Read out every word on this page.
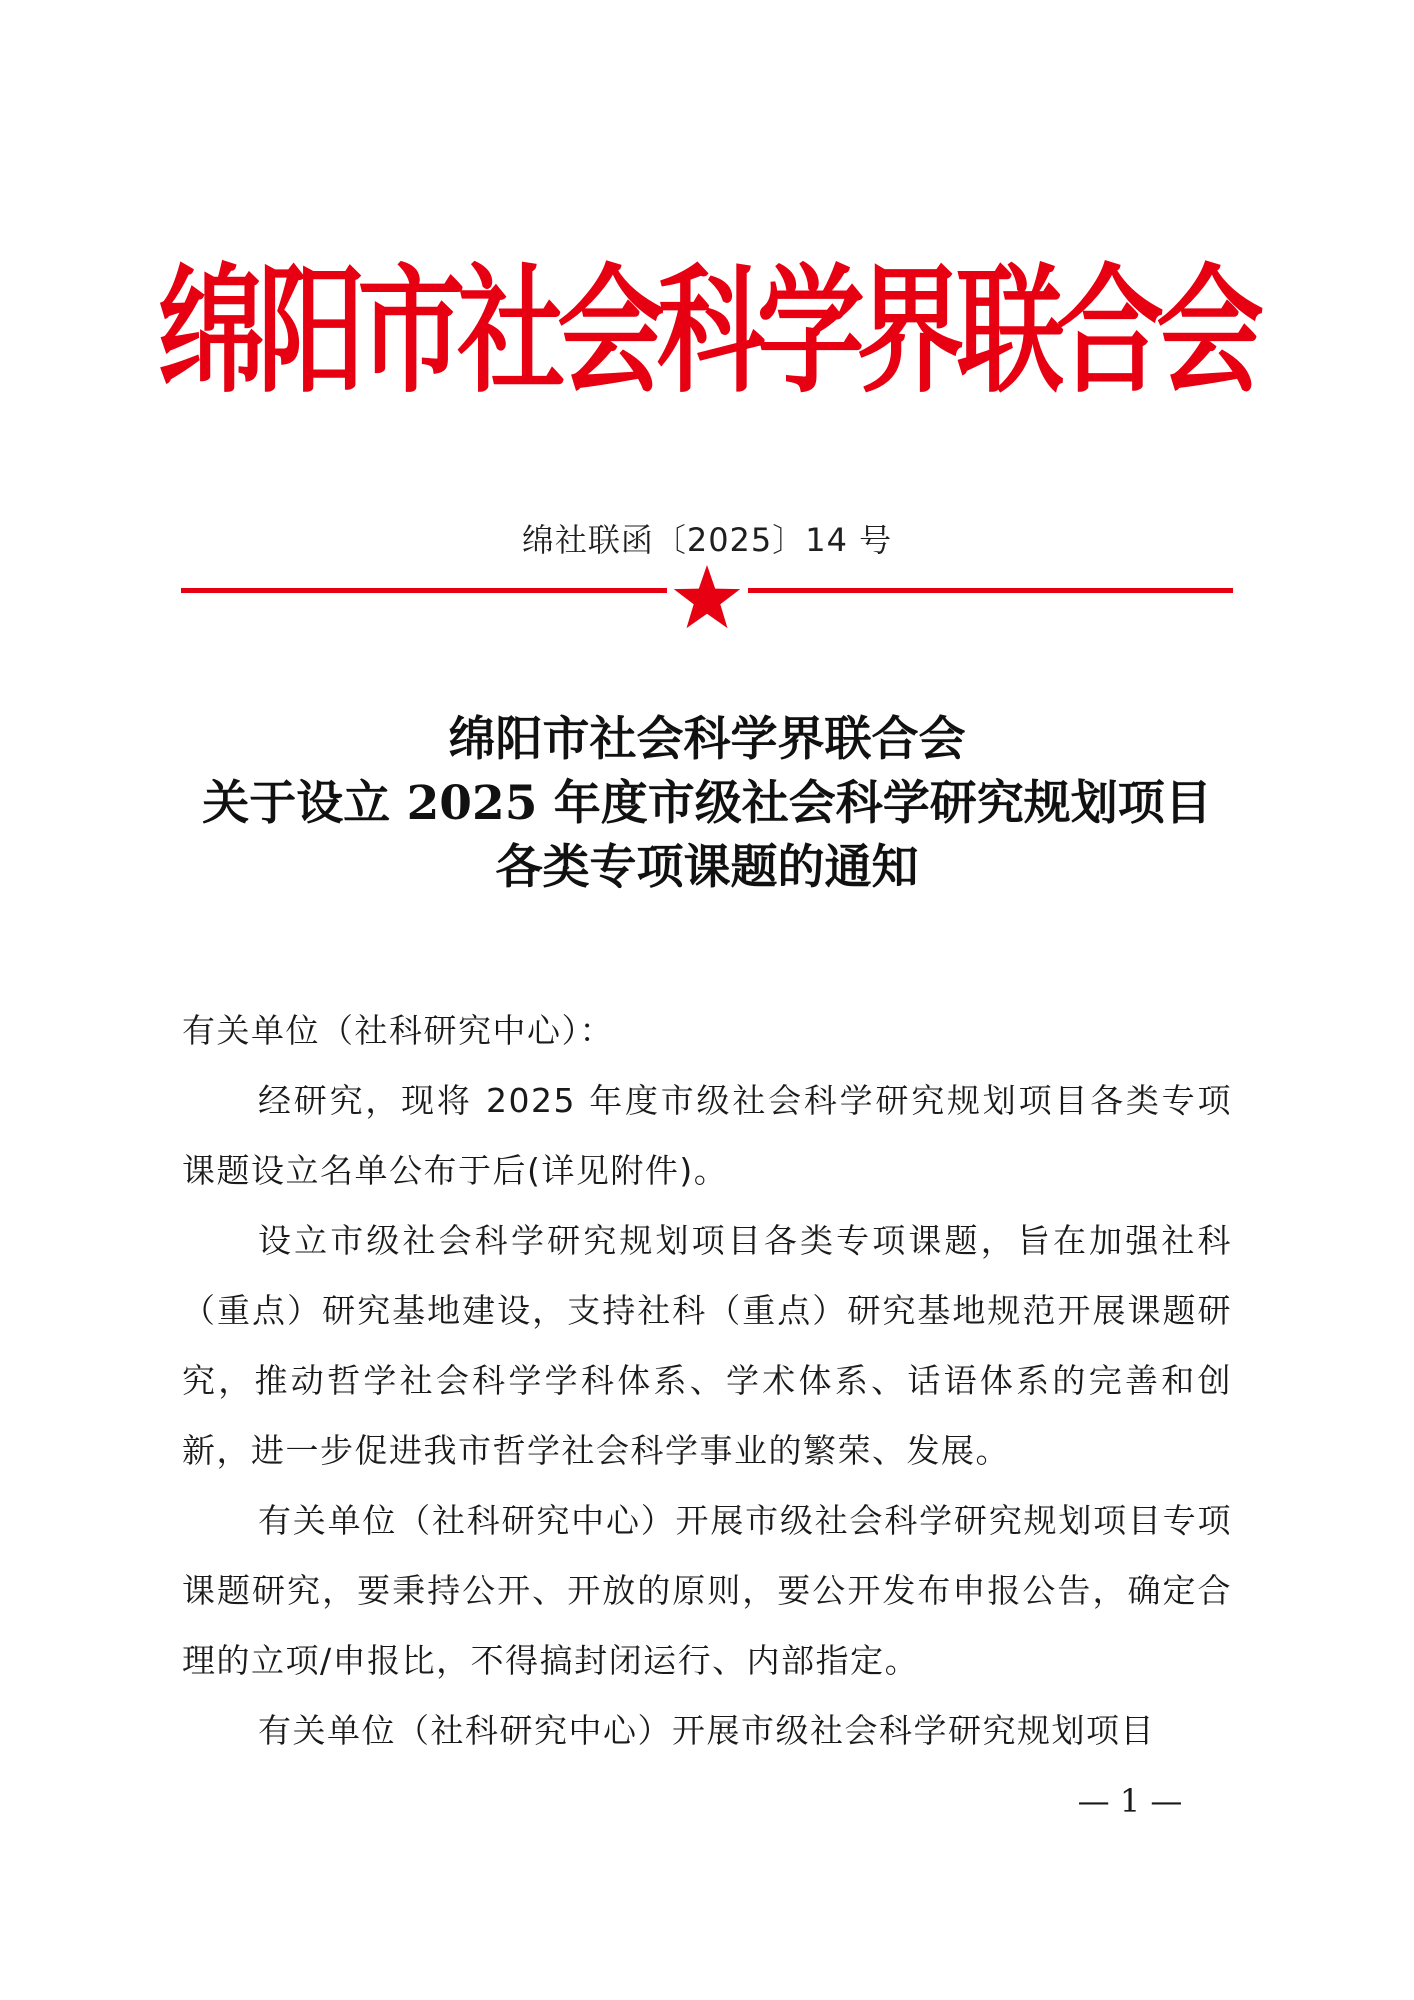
绵阳市社会科学界联合会
绵社联函〔2025〕14 号
绵阳市社会科学界联合会
关于设立 2025 年度市级社会科学研究规划项目
各类专项课题的通知

有关单位（社科研究中心）：

经研究，现将 2025 年度市级社会科学研究规划项目各类专项课题设立名单公布于后(详见附件)。

设立市级社会科学研究规划项目各类专项课题，旨在加强社科（重点）研究基地建设，支持社科（重点）研究基地规范开展课题研究，推动哲学社会科学学科体系、学术体系、话语体系的完善和创新，进一步促进我市哲学社会科学事业的繁荣、发展。

有关单位（社科研究中心）开展市级社会科学研究规划项目专项课题研究，要秉持公开、开放的原则，要公开发布申报公告，确定合理的立项/申报比，不得搞封闭运行、内部指定。

有关单位（社科研究中心）开展市级社会科学研究规划项目

— 1 —
